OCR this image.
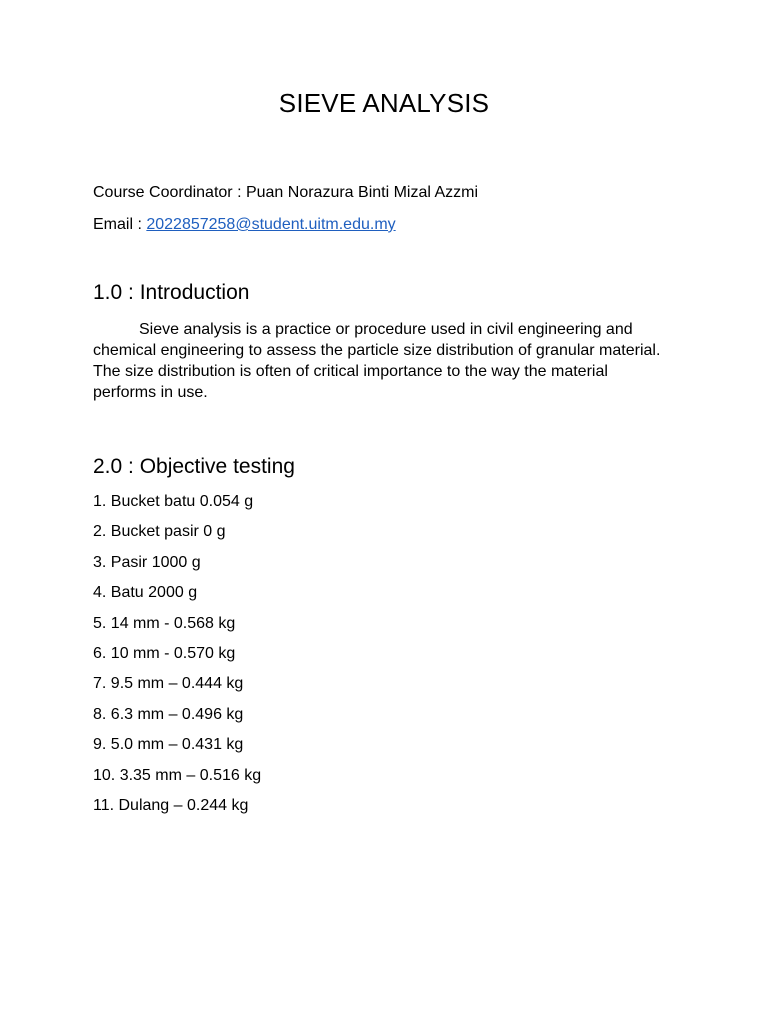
SIEVE ANALYSIS
Course Coordinator : Puan Norazura Binti Mizal Azzmi
Email : 2022857258@student.uitm.edu.my
1.0 : Introduction
Sieve analysis is a practice or procedure used in civil engineering and chemical engineering to assess the particle size distribution of granular material. The size distribution is often of critical importance to the way the material performs in use.
2.0 : Objective testing
1. Bucket batu 0.054 g
2. Bucket pasir 0 g
3. Pasir 1000 g
4. Batu 2000 g
5. 14 mm - 0.568 kg
6. 10 mm - 0.570 kg
7. 9.5 mm – 0.444 kg
8. 6.3 mm – 0.496 kg
9. 5.0 mm – 0.431 kg
10. 3.35 mm – 0.516 kg
11. Dulang – 0.244 kg
